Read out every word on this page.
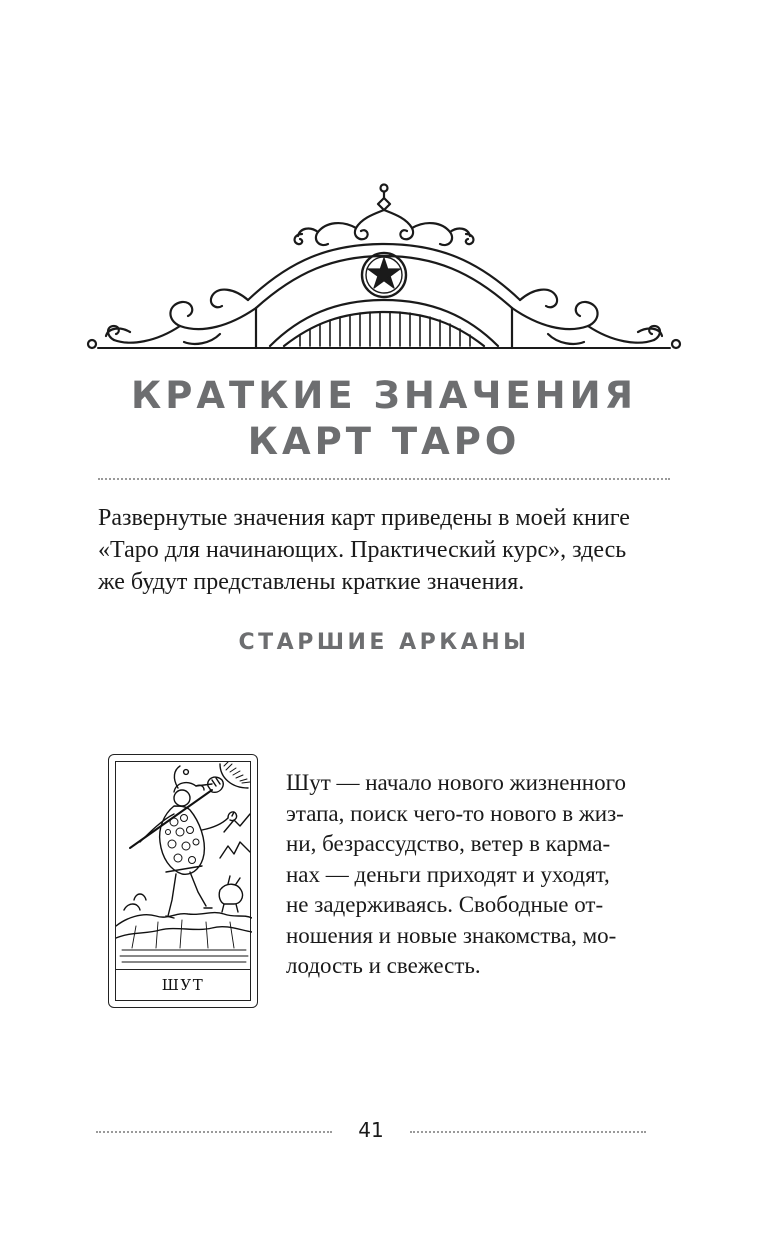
КРАТКИЕ ЗНАЧЕНИЯ
КАРТ ТАРО

Развернутые значения карт приведены в моей книге
«Таро для начинающих. Практический курс», здесь
же будут представлены краткие значения.

СТАРШИЕ АРКАНЫ
ШУТ

Шут — начало нового жизненного
этапа, поиск чего-то нового в жиз-
ни, безрассудство, ветер в карма-
нах — деньги приходят и уходят,
не задерживаясь. Свободные от-
ношения и новые знакомства, мо-
лодость и свежесть.

41
